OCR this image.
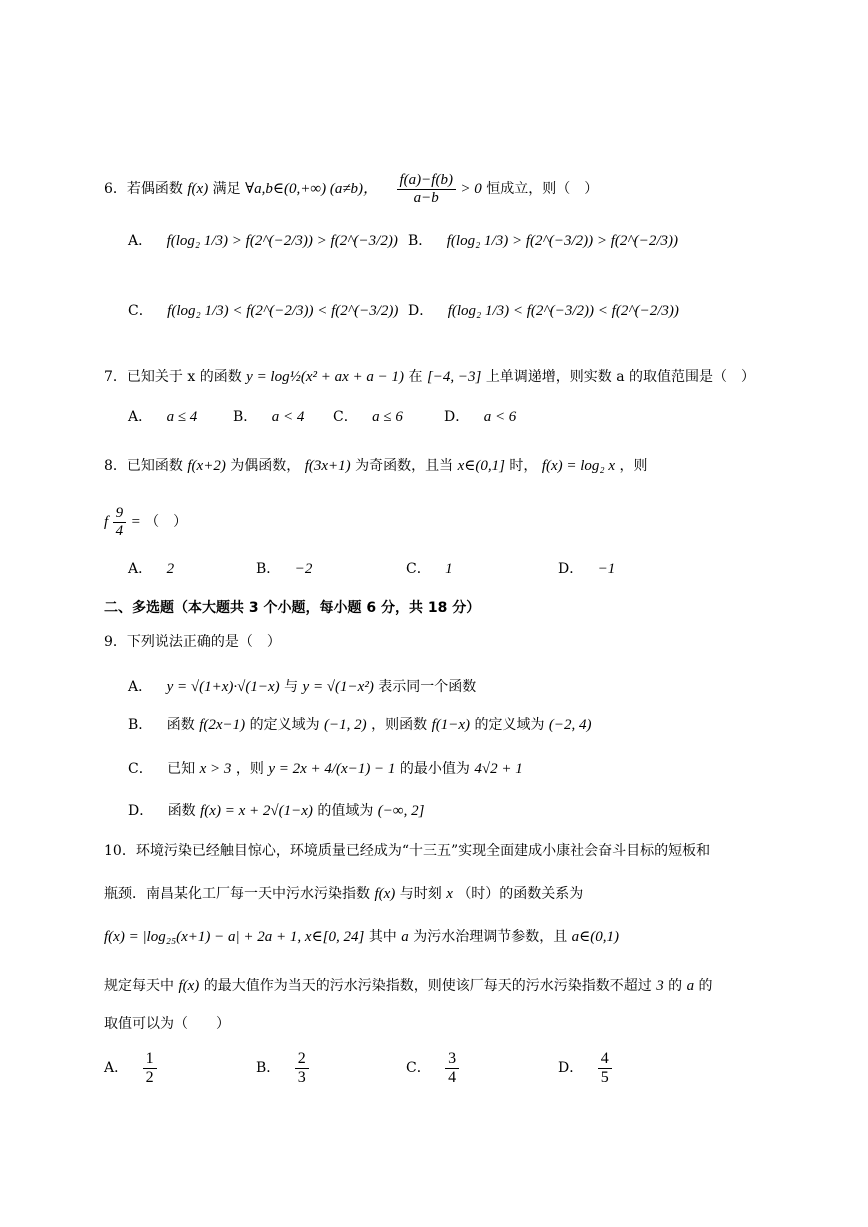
6．若偶函数 f(x) 满足 ∀a,b∈(0,+∞) (a≠b)， $\frac{f(a)-f(b)}{a-b} > 0$ 恒成立，则（　）
A． f(log₂ 1/3) > f(2^(−2/3)) > f(2^(−3/2)) B． f(log₂ 1/3) > f(2^(−3/2)) > f(2^(−2/3))
C． f(log₂ 1/3) < f(2^(−2/3)) < f(2^(−3/2)) D． f(log₂ 1/3) < f(2^(−3/2)) < f(2^(−2/3))
7．已知关于 x 的函数 y = log½(x² + ax + a − 1) 在 [−4, −3] 上单调递增，则实数 a 的取值范围是（　）
A． a ≤ 4	B． a < 4 C． a ≤ 6	D． a < 6
8．已知函数 f(x+2) 为偶函数， f(3x+1) 为奇函数，且当 x∈(0,1] 时， f(x) = log₂ x ，则
f $\frac{9}{4}$ = （　）
A． 2	B． −2	C． 1	D． −1
二、多选题（本大题共 3 个小题，每小题 6 分，共 18 分）
9．下列说法正确的是（　）
A． y = √(1+x)·√(1−x) 与 y = √(1−x²) 表示同一个函数
B． 函数 f(2x−1) 的定义域为 (−1, 2) ，则函数 f(1−x) 的定义域为 (−2, 4)
C． 已知 x > 3 ，则 y = 2x + 4/(x−1) − 1 的最小值为 4√2 + 1
D． 函数 f(x) = x + 2√(1−x) 的值域为 (−∞, 2]
10．环境污染已经触目惊心，环境质量已经成为“十三五”实现全面建成小康社会奋斗目标的短板和
瓶颈．南昌某化工厂每一天中污水污染指数 f(x) 与时刻 x （时）的函数关系为
f(x) = |log₂₅(x+1) − a| + 2a + 1, x∈[0, 24] 其中 a 为污水治理调节参数，且 a∈(0,1)
规定每天中 f(x) 的最大值作为当天的污水污染指数，则使该厂每天的污水污染指数不超过 3 的 a 的
取值可以为（　　）
A． $\frac{1}{2}$	B． $\frac{2}{3}$	C． $\frac{3}{4}$	D． $\frac{4}{5}$
